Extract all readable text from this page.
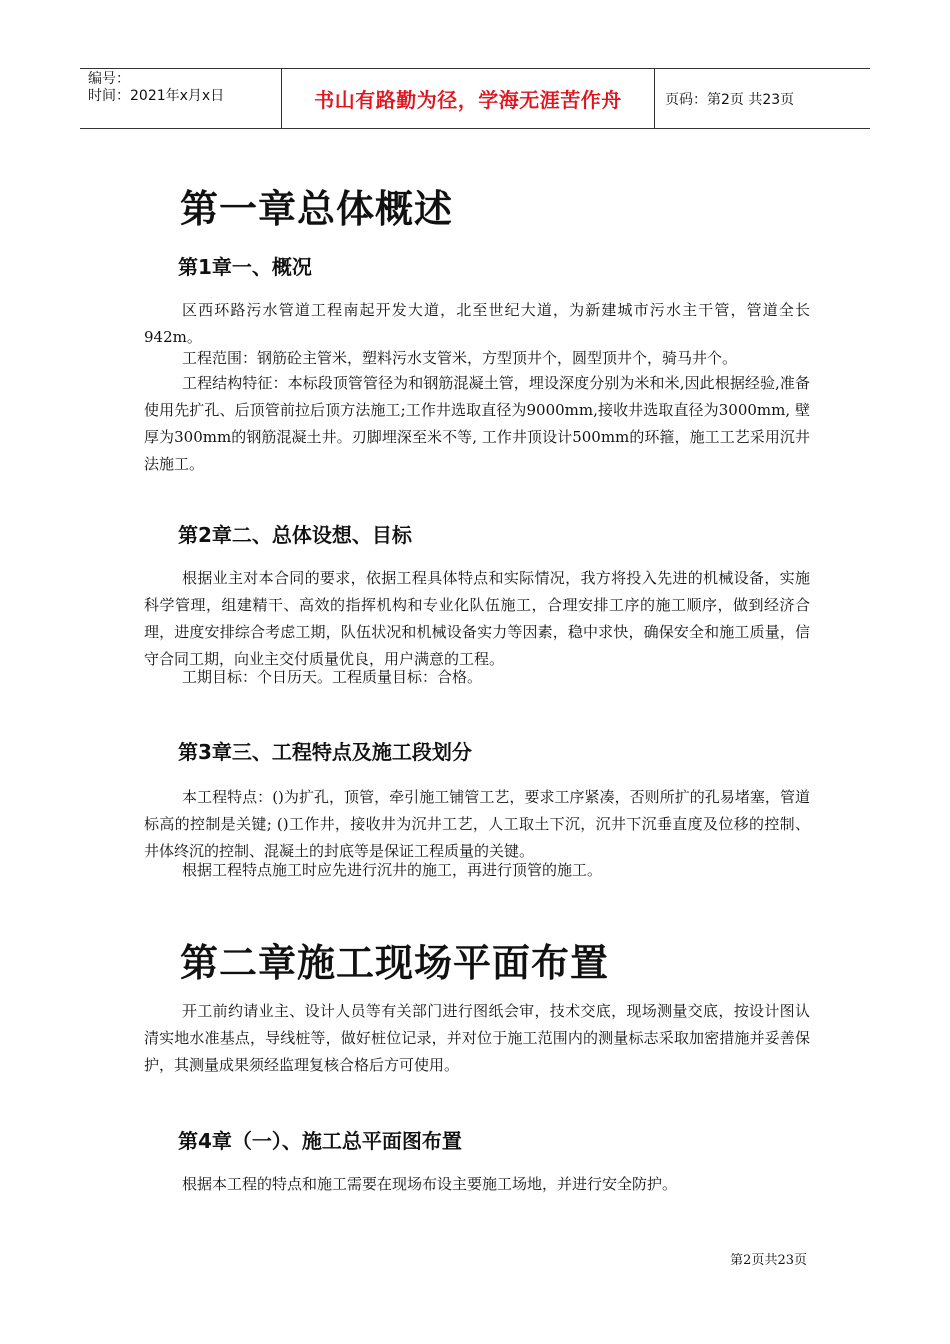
编号：
时间：2021年x月x日	书山有路勤为径，学海无涯苦作舟	页码：第2页 共23页
第一章总体概述
第1章一、概况

区西环路污水管道工程南起开发大道，北至世纪大道，为新建城市污水主干管，管道全长942m。

工程范围：钢筋砼主管米，塑料污水支管米，方型顶井个，圆型顶井个，骑马井个。

工程结构特征：本标段顶管管径为和钢筋混凝土管，埋设深度分别为米和米,因此根据经验,准备使用先扩孔、后顶管前拉后顶方法施工;工作井选取直径为9000mm,接收井选取直径为3000mm, 壁厚为300mm的钢筋混凝土井。刃脚埋深至米不等, 工作井顶设计500mm的环箍，施工工艺采用沉井法施工。

第2章二、总体设想、目标

根据业主对本合同的要求，依据工程具体特点和实际情况，我方将投入先进的机械设备，实施科学管理，组建精干、高效的指挥机构和专业化队伍施工，合理安排工序的施工顺序，做到经济合理，进度安排综合考虑工期，队伍状况和机械设备实力等因素，稳中求快，确保安全和施工质量，信守合同工期，向业主交付质量优良，用户满意的工程。

工期目标：个日历天。工程质量目标：合格。

第3章三、工程特点及施工段划分

本工程特点：()为扩孔，顶管，牵引施工铺管工艺，要求工序紧凑，否则所扩的孔易堵塞，管道标高的控制是关键; ()工作井，接收井为沉井工艺，人工取土下沉，沉井下沉垂直度及位移的控制、井体终沉的控制、混凝土的封底等是保证工程质量的关键。

根据工程特点施工时应先进行沉井的施工，再进行顶管的施工。

第二章施工现场平面布置

开工前约请业主、设计人员等有关部门进行图纸会审，技术交底，现场测量交底，按设计图认清实地水准基点，导线桩等，做好桩位记录，并对位于施工范围内的测量标志采取加密措施并妥善保护，其测量成果须经监理复核合格后方可使用。

第4章（一）、施工总平面图布置

根据本工程的特点和施工需要在现场布设主要施工场地，并进行安全防护。

第2页共23页
